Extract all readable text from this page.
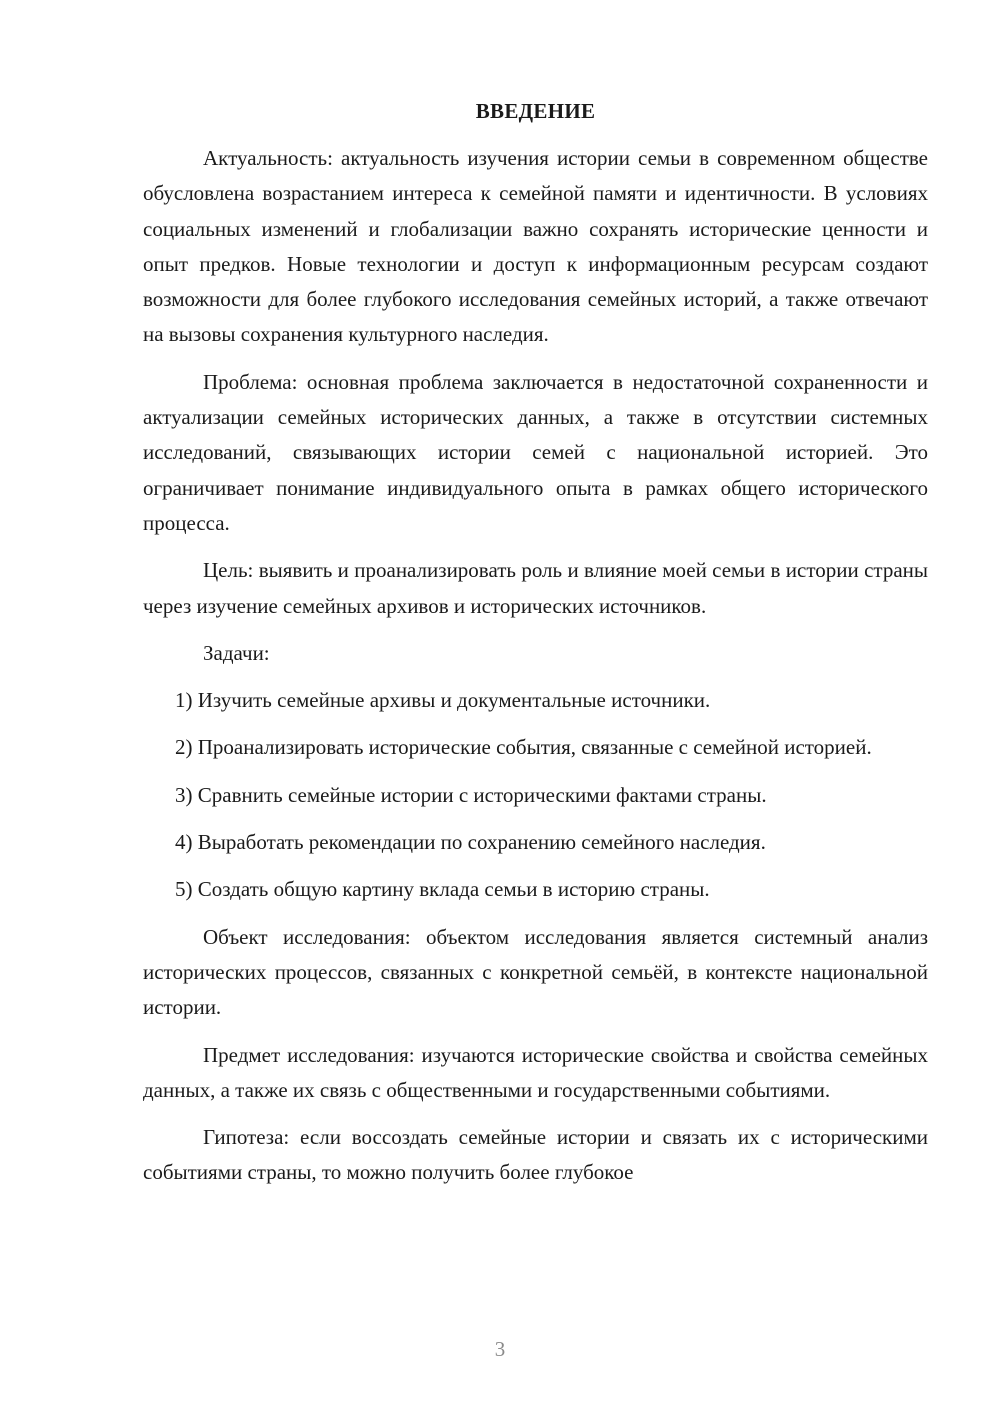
ВВЕДЕНИЕ

Актуальность: актуальность изучения истории семьи в современном обществе обусловлена возрастанием интереса к семейной памяти и идентичности. В условиях социальных изменений и глобализации важно сохранять исторические ценности и опыт предков. Новые технологии и доступ к информационным ресурсам создают возможности для более глубокого исследования семейных историй, а также отвечают на вызовы сохранения культурного наследия.

Проблема: основная проблема заключается в недостаточной сохраненности и актуализации семейных исторических данных, а также в отсутствии системных исследований, связывающих истории семей с национальной историей. Это ограничивает понимание индивидуального опыта в рамках общего исторического процесса.

Цель: выявить и проанализировать роль и влияние моей семьи в истории страны через изучение семейных архивов и исторических источников.

Задачи:

1) Изучить семейные архивы и документальные источники.

2) Проанализировать исторические события, связанные с семейной историей.

3) Сравнить семейные истории с историческими фактами страны.

4) Выработать рекомендации по сохранению семейного наследия.

5) Создать общую картину вклада семьи в историю страны.

Объект исследования: объектом исследования является системный анализ исторических процессов, связанных с конкретной семьёй, в контексте национальной истории.

Предмет исследования: изучаются исторические свойства и свойства семейных данных, а также их связь с общественными и государственными событиями.

Гипотеза: если воссоздать семейные истории и связать их с историческими событиями страны, то можно получить более глубокое

3
